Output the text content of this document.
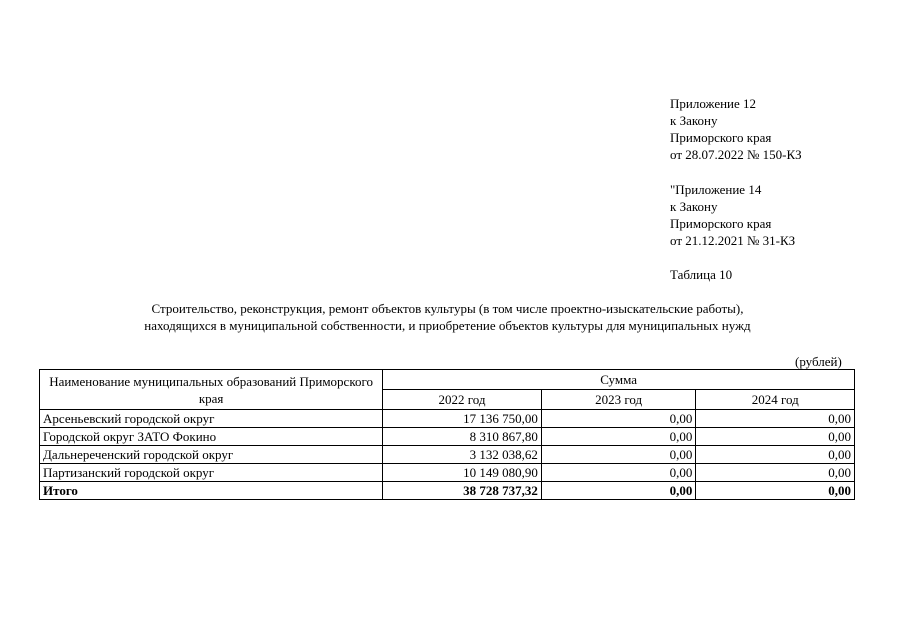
Приложение 12
к Закону
Приморского края
от 28.07.2022 № 150-КЗ
"Приложение 14
к Закону
Приморского края
от 21.12.2021 № 31-КЗ
Таблица 10
Строительство, реконструкция, ремонт объектов культуры (в том числе проектно-изыскательские работы),
находящихся в муниципальной собственности, и приобретение объектов культуры для муниципальных нужд
(рублей)
Наименование муниципальных образований Приморского края	Сумма		
	2022 год	2023 год	2024 год
Арсеньевский городской округ	17 136 750,00	0,00	0,00
Городской округ ЗАТО Фокино	8 310 867,80	0,00	0,00
Дальнереченский городской округ	3 132 038,62	0,00	0,00
Партизанский городской округ	10 149 080,90	0,00	0,00
Итого	38 728 737,32	0,00	0,00
